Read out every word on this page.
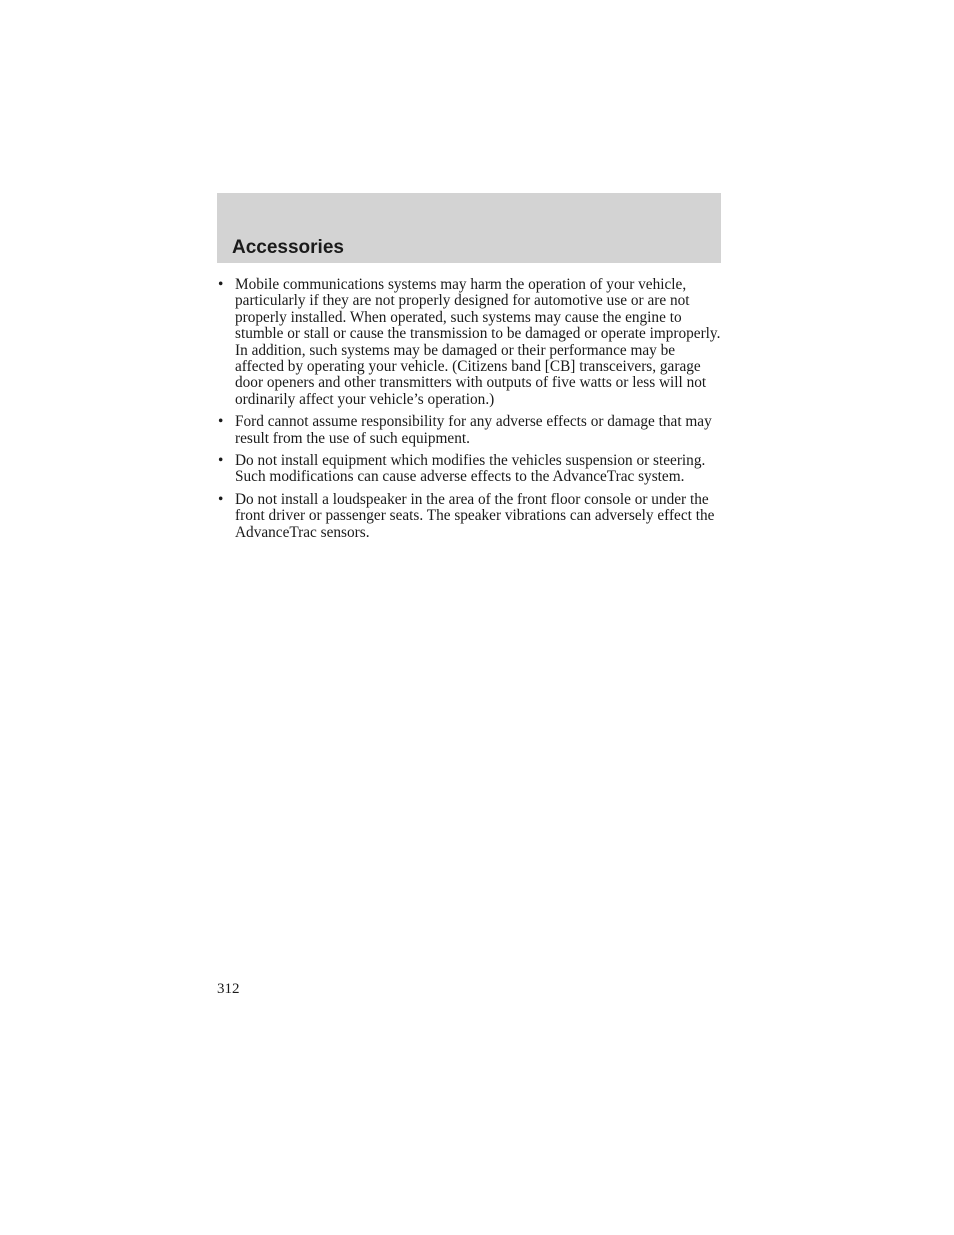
Accessories
• Mobile communications systems may harm the operation of your vehicle, particularly if they are not properly designed for automotive use or are not properly installed. When operated, such systems may cause the engine to stumble or stall or cause the transmission to be damaged or operate improperly. In addition, such systems may be damaged or their performance may be affected by operating your vehicle. (Citizens band [CB] transceivers, garage door openers and other transmitters with outputs of five watts or less will not ordinarily affect your vehicle’s operation.)
• Ford cannot assume responsibility for any adverse effects or damage that may result from the use of such equipment.
• Do not install equipment which modifies the vehicles suspension or steering. Such modifications can cause adverse effects to the AdvanceTrac system.
• Do not install a loudspeaker in the area of the front floor console or under the front driver or passenger seats. The speaker vibrations can adversely effect the AdvanceTrac sensors.
312
